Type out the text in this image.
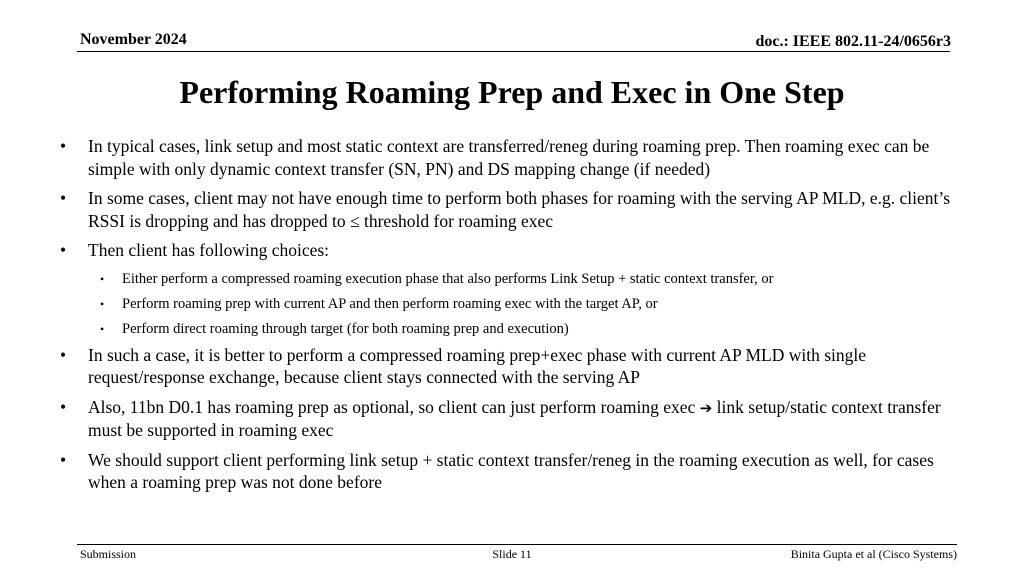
November 2024	doc.: IEEE 802.11-24/0656r3
Performing Roaming Prep and Exec in One Step
• In typical cases, link setup and most static context are transferred/reneg during roaming prep. Then roaming exec can be simple with only dynamic context transfer (SN, PN) and DS mapping change (if needed)
• In some cases, client may not have enough time to perform both phases for roaming with the serving AP MLD, e.g. client’s RSSI is dropping and has dropped to ≤ threshold for roaming exec
• Then client has following choices:
• Either perform a compressed roaming execution phase that also performs Link Setup + static context transfer, or
• Perform roaming prep with current AP and then perform roaming exec with the target AP, or
• Perform direct roaming through target (for both roaming prep and execution)
• In such a case, it is better to perform a compressed roaming prep+exec phase with current AP MLD with single request/response exchange, because client stays connected with the serving AP
• Also, 11bn D0.1 has roaming prep as optional, so client can just perform roaming exec ➔ link setup/static context transfer must be supported in roaming exec
• We should support client performing link setup + static context transfer/reneg in the roaming execution as well, for cases when a roaming prep was not done before
Submission	Slide 11	Binita Gupta et al (Cisco Systems)
